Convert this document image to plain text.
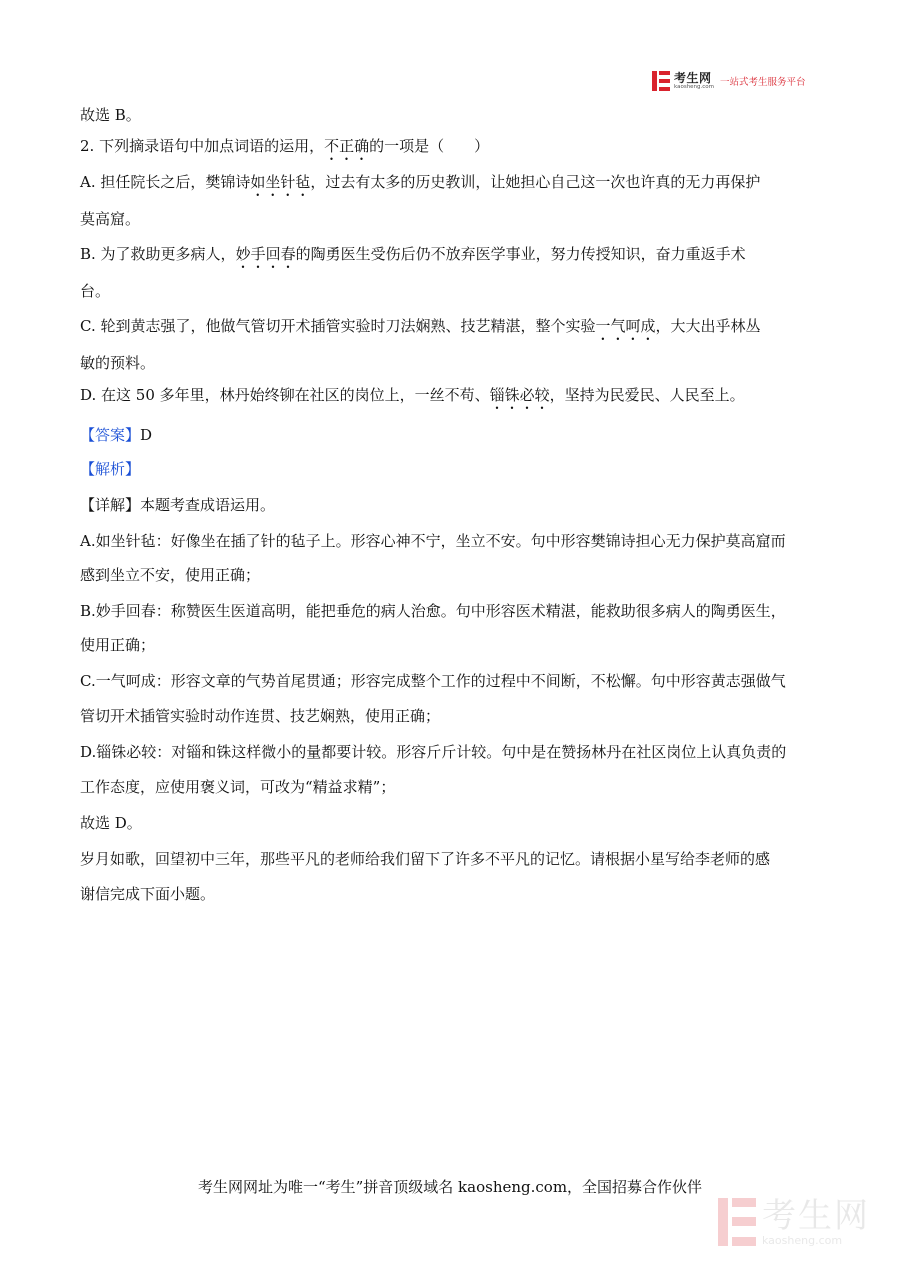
考生网
kaosheng.com 一站式考生服务平台
故选 B。
2. 下列摘录语句中加点词语的运用，不正确的一项是（　　）
A. 担任院长之后，樊锦诗如坐针毡，过去有太多的历史教训，让她担心自己这一次也许真的无力再保护
莫高窟。
B. 为了救助更多病人，妙手回春的陶勇医生受伤后仍不放弃医学事业，努力传授知识，奋力重返手术
台。
C. 轮到黄志强了，他做气管切开术插管实验时刀法娴熟、技艺精湛，整个实验一气呵成，大大出乎林丛
敏的预料。
D. 在这 50 多年里，林丹始终铆在社区的岗位上，一丝不苟、锱铢必较，坚持为民爱民、人民至上。
【答案】D
【解析】
【详解】本题考查成语运用。
A.如坐针毡：好像坐在插了针的毡子上。形容心神不宁，坐立不安。句中形容樊锦诗担心无力保护莫高窟而
感到坐立不安，使用正确；
B.妙手回春：称赞医生医道高明，能把垂危的病人治愈。句中形容医术精湛，能救助很多病人的陶勇医生，
使用正确；
C.一气呵成：形容文章的气势首尾贯通；形容完成整个工作的过程中不间断，不松懈。句中形容黄志强做气
管切开术插管实验时动作连贯、技艺娴熟，使用正确；
D.锱铢必较：对锱和铢这样微小的量都要计较。形容斤斤计较。句中是在赞扬林丹在社区岗位上认真负责的
工作态度，应使用褒义词，可改为“精益求精”；
故选 D。
岁月如歌，回望初中三年，那些平凡的老师给我们留下了许多不平凡的记忆。请根据小星写给李老师的感
谢信完成下面小题。
考生网网址为唯一“考生”拼音顶级域名 kaosheng.com，全国招募合作伙伴
考生网
kaosheng.com
